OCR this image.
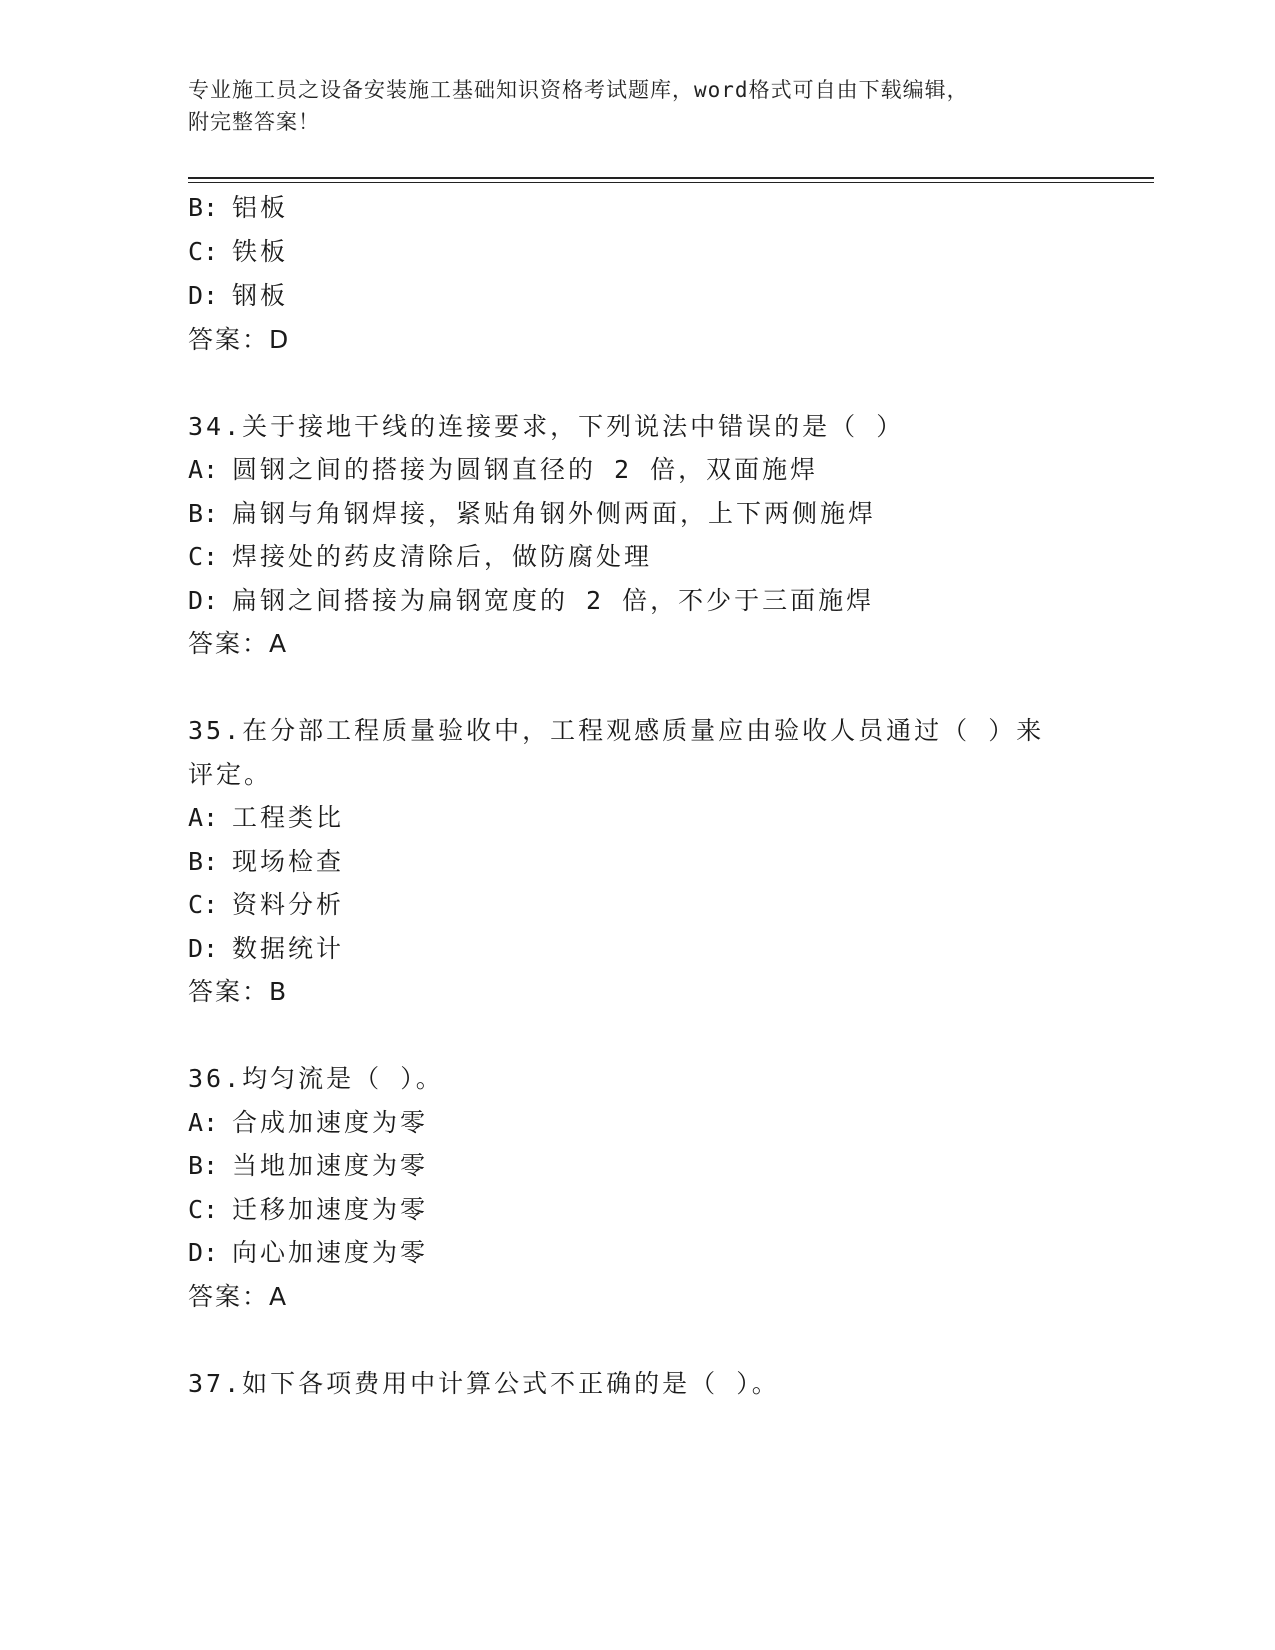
专业施工员之设备安装施工基础知识资格考试题库，word格式可自由下载编辑，
附完整答案！
B: 铝板
C: 铁板
D: 钢板
答案：D
34.关于接地干线的连接要求，下列说法中错误的是（ ）
A: 圆钢之间的搭接为圆钢直径的 2 倍，双面施焊
B: 扁钢与角钢焊接，紧贴角钢外侧两面，上下两侧施焊
C: 焊接处的药皮清除后，做防腐处理
D: 扁钢之间搭接为扁钢宽度的 2 倍，不少于三面施焊
答案：A
35.在分部工程质量验收中，工程观感质量应由验收人员通过（ ）来
评定。
A: 工程类比
B: 现场检查
C: 资料分析
D: 数据统计
答案：B
36.均匀流是（ ）。
A: 合成加速度为零
B: 当地加速度为零
C: 迁移加速度为零
D: 向心加速度为零
答案：A
37.如下各项费用中计算公式不正确的是（ ）。
